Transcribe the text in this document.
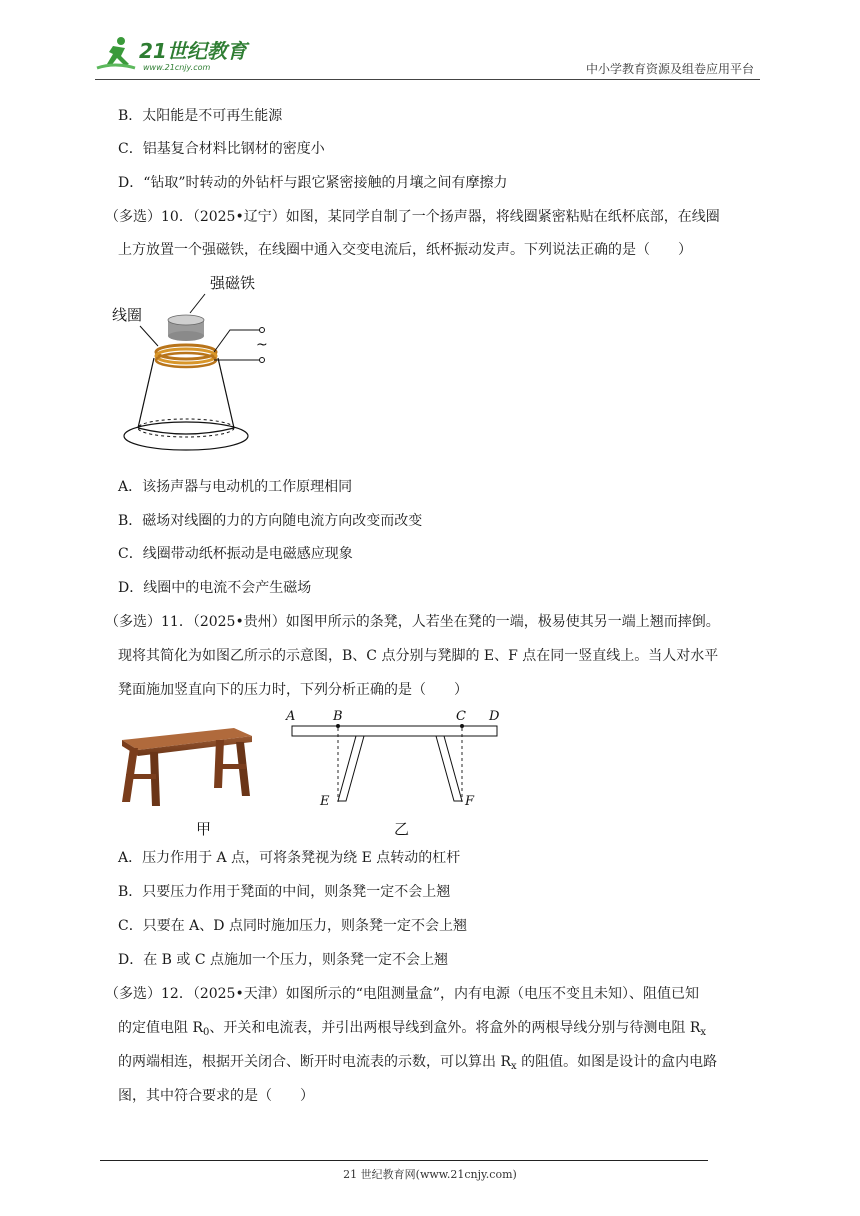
21世纪教育
www.21cnjy.com	中小学教育资源及组卷应用平台
B．太阳能是不可再生能源
C．铝基复合材料比钢材的密度小
D．“钻取”时转动的外钻杆与跟它紧密接触的月壤之间有摩擦力
（多选）10．（2025•辽宁）如图，某同学自制了一个扬声器，将线圈紧密粘贴在纸杯底部，在线圈
上方放置一个强磁铁，在线圈中通入交变电流后，纸杯振动发声。下列说法正确的是（　　）
强磁铁
线圈
~
A．该扬声器与电动机的工作原理相同
B．磁场对线圈的力的方向随电流方向改变而改变
C．线圈带动纸杯振动是电磁感应现象
D．线圈中的电流不会产生磁场
（多选）11．（2025•贵州）如图甲所示的条凳，人若坐在凳的一端，极易使其另一端上翘而摔倒。
现将其简化为如图乙所示的示意图，B、C 点分别与凳脚的 E、F 点在同一竖直线上。当人对水平
凳面施加竖直向下的压力时，下列分析正确的是（　　）
甲
A	B	C D
E	F
乙
A．压力作用于 A 点，可将条凳视为绕 E 点转动的杠杆
B．只要压力作用于凳面的中间，则条凳一定不会上翘
C．只要在 A、D 点同时施加压力，则条凳一定不会上翘
D．在 B 或 C 点施加一个压力，则条凳一定不会上翘
（多选）12．（2025•天津）如图所示的“电阻测量盒”，内有电源（电压不变且未知）、阻值已知
的定值电阻 $R_0$、开关和电流表，并引出两根导线到盒外。将盒外的两根导线分别与待测电阻 $R_x$
的两端相连，根据开关闭合、断开时电流表的示数，可以算出 $R_x$ 的阻值。如图是设计的盒内电路
图，其中符合要求的是（　　）
21 世纪教育网(www.21cnjy.com)
